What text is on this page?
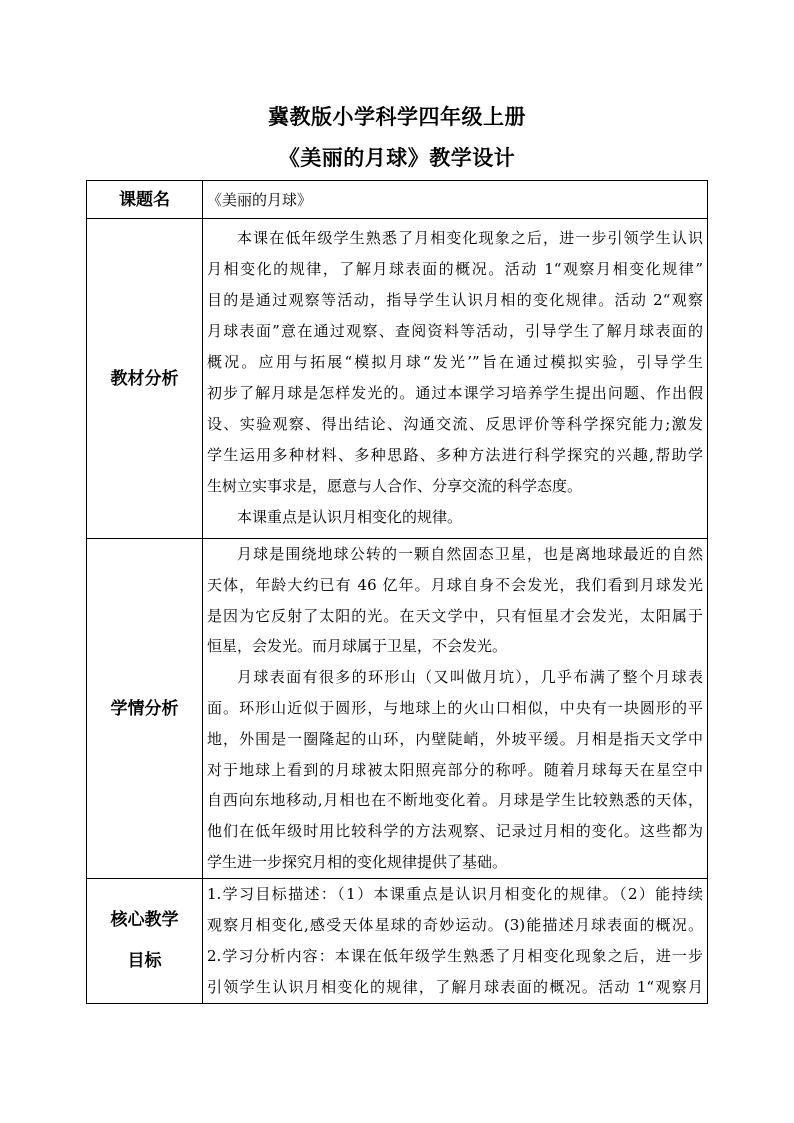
冀教版小学科学四年级上册
《美丽的月球》教学设计
课题名 《美丽的月球》
教材分析
本课在低年级学生熟悉了月相变化现象之后，进一步引领学生认识
月相变化的规律，了解月球表面的概况。活动 1“观察月相变化规律”
目的是通过观察等活动，指导学生认识月相的变化规律。活动 2“观察
月球表面”意在通过观察、查阅资料等活动，引导学生了解月球表面的
概况。应用与拓展“模拟月球“发光’”旨在通过模拟实验，引导学生
初步了解月球是怎样发光的。通过本课学习培养学生提出问题、作出假
设、实验观察、得出结论、沟通交流、反思评价等科学探究能力;激发
学生运用多种材料、多种思路、多种方法进行科学探究的兴趣,帮助学
生树立实事求是，愿意与人合作、分享交流的科学态度。
本课重点是认识月相变化的规律。
学情分析
月球是围绕地球公转的一颗自然固态卫星，也是离地球最近的自然
天体，年龄大约已有 46 亿年。月球自身不会发光，我们看到月球发光
是因为它反射了太阳的光。在天文学中，只有恒星才会发光，太阳属于
恒星，会发光。而月球属于卫星，不会发光。
月球表面有很多的环形山（又叫做月坑），几乎布满了整个月球表
面。环形山近似于圆形，与地球上的火山口相似，中央有一块圆形的平
地，外围是一圈隆起的山环，内壁陡峭，外坡平缓。月相是指天文学中
对于地球上看到的月球被太阳照亮部分的称呼。随着月球每天在星空中
自西向东地移动,月相也在不断地变化着。月球是学生比较熟悉的天体，
他们在低年级时用比较科学的方法观察、记录过月相的变化。这些都为
学生进一步探究月相的变化规律提供了基础。
核心教学
目标
1.学习目标描述：（1）本课重点是认识月相变化的规律。（2）能持续
观察月相变化,感受天体星球的奇妙运动。(3)能描述月球表面的概况。
2.学习分析内容：本课在低年级学生熟悉了月相变化现象之后，进一步
引领学生认识月相变化的规律，了解月球表面的概况。活动 1“观察月
